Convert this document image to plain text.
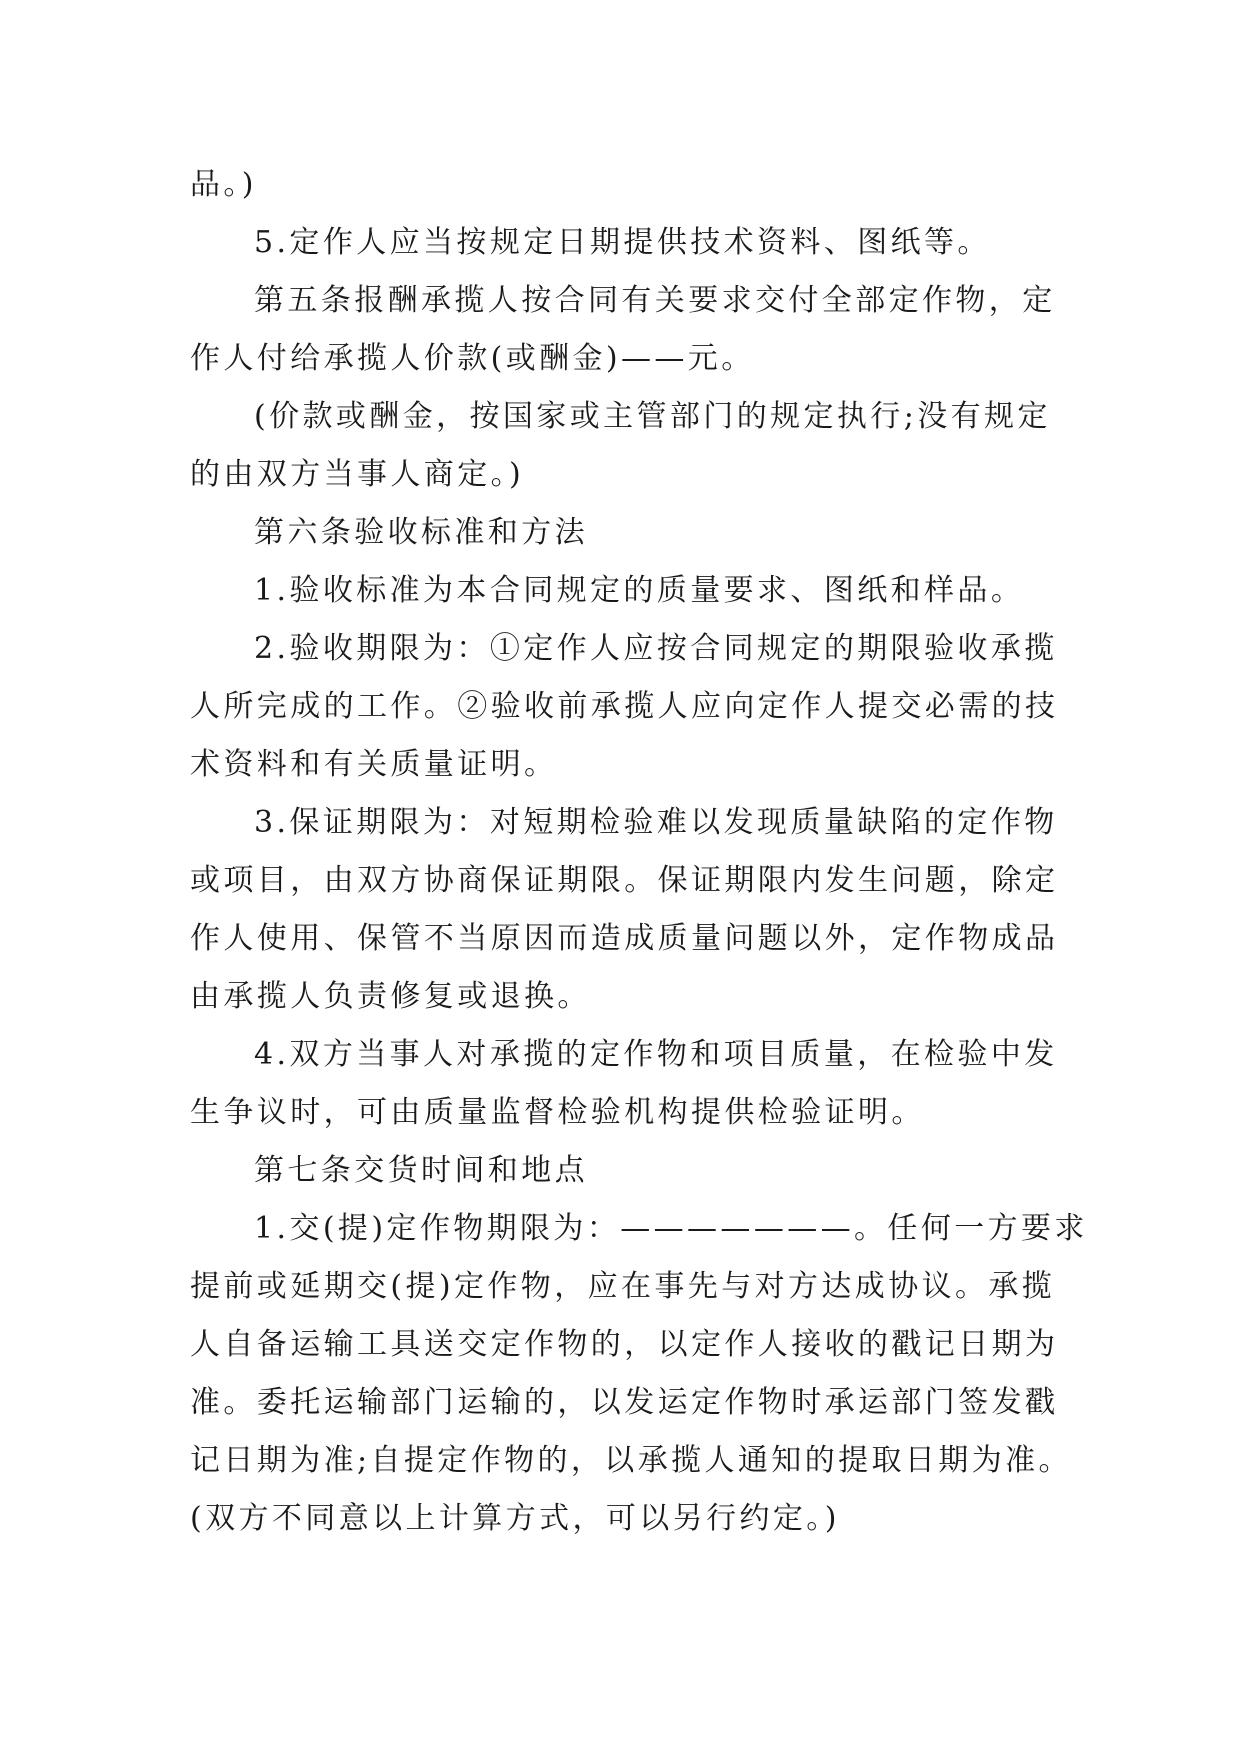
品。)
5.定作人应当按规定日期提供技术资料、图纸等。
第五条报酬承揽人按合同有关要求交付全部定作物，定
作人付给承揽人价款(或酬金)——元。
(价款或酬金，按国家或主管部门的规定执行;没有规定
的由双方当事人商定。)
第六条验收标准和方法
1.验收标准为本合同规定的质量要求、图纸和样品。
2.验收期限为：①定作人应按合同规定的期限验收承揽
人所完成的工作。②验收前承揽人应向定作人提交必需的技
术资料和有关质量证明。
3.保证期限为：对短期检验难以发现质量缺陷的定作物
或项目，由双方协商保证期限。保证期限内发生问题，除定
作人使用、保管不当原因而造成质量问题以外，定作物成品
由承揽人负责修复或退换。
4.双方当事人对承揽的定作物和项目质量，在检验中发
生争议时，可由质量监督检验机构提供检验证明。
第七条交货时间和地点
1.交(提)定作物期限为：———————。任何一方要求
提前或延期交(提)定作物，应在事先与对方达成协议。承揽
人自备运输工具送交定作物的，以定作人接收的戳记日期为
准。委托运输部门运输的，以发运定作物时承运部门签发戳
记日期为准;自提定作物的，以承揽人通知的提取日期为准。
(双方不同意以上计算方式，可以另行约定。)
